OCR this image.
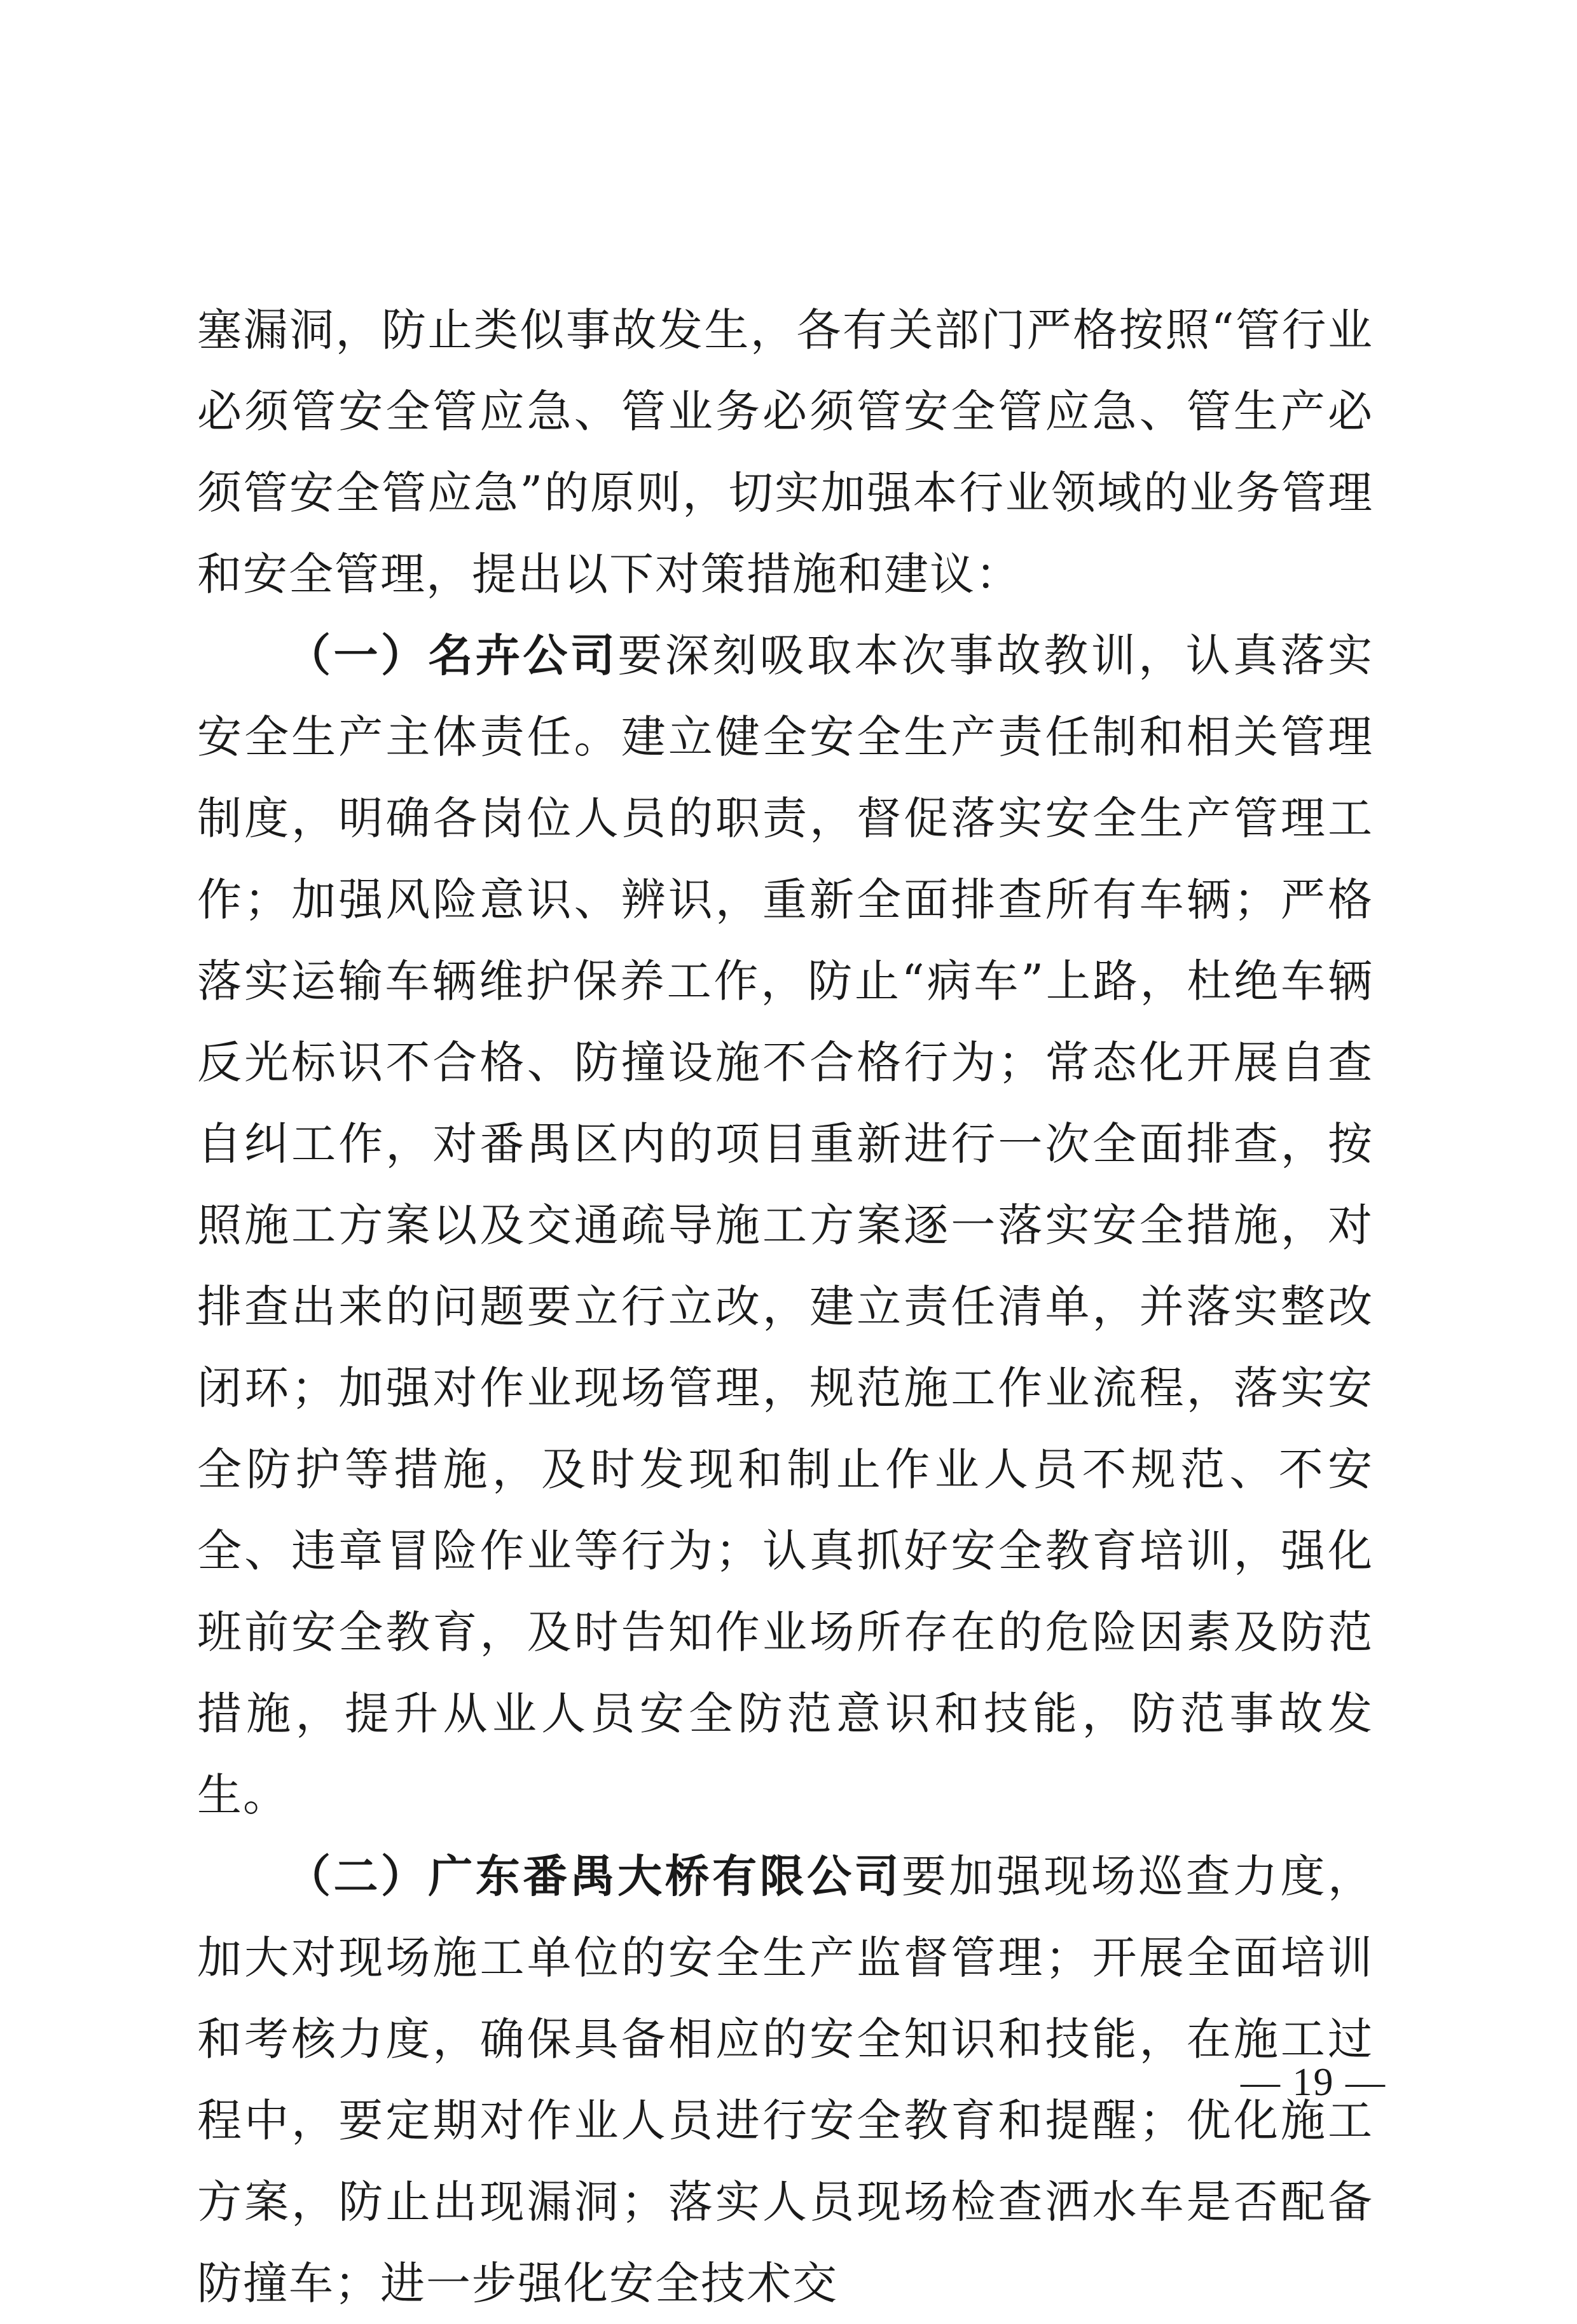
塞漏洞，防止类似事故发生，各有关部门严格按照“管行业必须管安全管应急、管业务必须管安全管应急、管生产必须管安全管应急”的原则，切实加强本行业领域的业务管理和安全管理，提出以下对策措施和建议：

（一）名卉公司要深刻吸取本次事故教训，认真落实安全生产主体责任。建立健全安全生产责任制和相关管理制度，明确各岗位人员的职责，督促落实安全生产管理工作；加强风险意识、辨识，重新全面排查所有车辆；严格落实运输车辆维护保养工作，防止“病车”上路，杜绝车辆反光标识不合格、防撞设施不合格行为；常态化开展自查自纠工作，对番禺区内的项目重新进行一次全面排查，按照施工方案以及交通疏导施工方案逐一落实安全措施，对排查出来的问题要立行立改，建立责任清单，并落实整改闭环；加强对作业现场管理，规范施工作业流程，落实安全防护等措施，及时发现和制止作业人员不规范、不安全、违章冒险作业等行为；认真抓好安全教育培训，强化班前安全教育，及时告知作业场所存在的危险因素及防范措施，提升从业人员安全防范意识和技能，防范事故发生。

（二）广东番禺大桥有限公司要加强现场巡查力度，加大对现场施工单位的安全生产监督管理；开展全面培训和考核力度，确保具备相应的安全知识和技能，在施工过程中，要定期对作业人员进行安全教育和提醒；优化施工方案，防止出现漏洞；落实人员现场检查洒水车是否配备防撞车；进一步强化安全技术交

— 19 —
